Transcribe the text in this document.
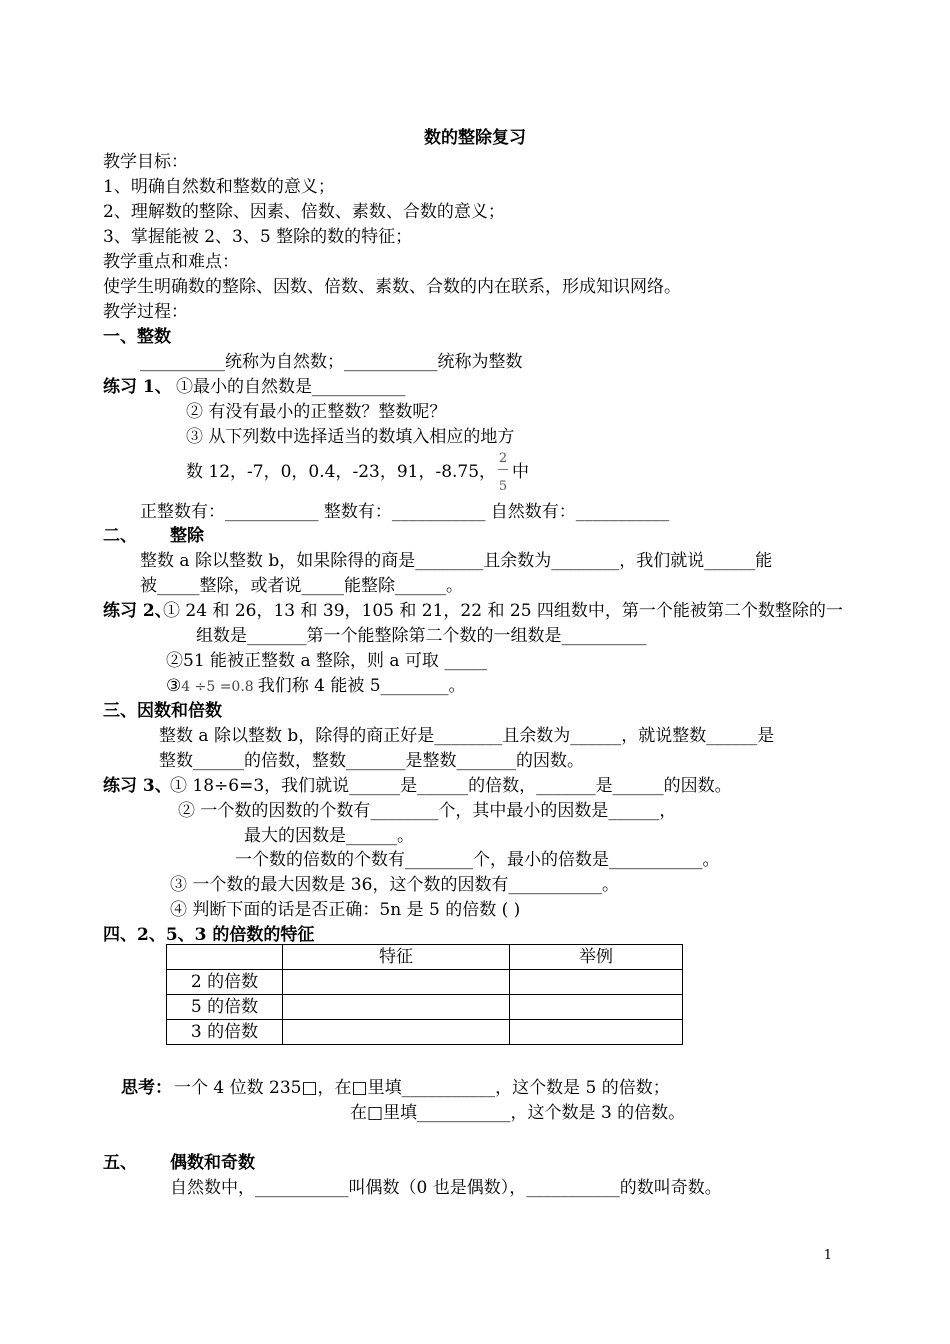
数的整除复习
教学目标：
1、明确自然数和整数的意义；
2、理解数的整除、因素、倍数、素数、合数的意义；
3、掌握能被 2、3、5 整除的数的特征；
教学重点和难点：
使学生明确数的整除、因数、倍数、素数、合数的内在联系，形成知识网络。
教学过程：
一、整数
__________统称为自然数；___________统称为整数
练习 1、 ①最小的自然数是___________
② 有没有最小的正整数？整数呢？
③ 从下列数中选择适当的数填入相应的地方
数 12，-7，0，0.4，-23，91，-8.75，
2
5
中
正整数有：___________ 整数有：___________ 自然数有：___________
二、 整除
整数 a 除以整数 b，如果除得的商是________且余数为________，我们就说______能
被_____整除，或者说_____能整除______。
练习 2、
① 24 和 26，13 和 39，105 和 21，22 和 25 四组数中，第一个能被第二个数整除的一
组数是_______第一个能整除第二个数的一组数是__________
②51 能被正整数 a 整除，则 a 可取 _____
③4 ÷5 =0.8 我们称 4 能被 5________。
三、因数和倍数
整数 a 除以整数 b，除得的商正好是________且余数为______，就说整数______是
整数______的倍数，整数_______是整数_______的因数。
练习 3、
① 18÷6=3，我们就说______是______的倍数，_______是______的因数。
② 一个数的因数的个数有________个，其中最小的因数是______，
最大的因数是______。
一个数的倍数的个数有________个，最小的倍数是___________。
③ 一个数的最大因数是 36，这个数的因数有___________。
④ 判断下面的话是否正确：5n 是 5 的倍数 ( )
四、2、5、3 的倍数的特征
	特征	举例
2 的倍数		
5 的倍数		
3 的倍数		
思考： 一个 4 位数 235□，在□里填___________，这个数是 5 的倍数；
在□里填___________，这个数是 3 的倍数。
五、 偶数和奇数
自然数中，___________叫偶数（0 也是偶数），___________的数叫奇数。
1
